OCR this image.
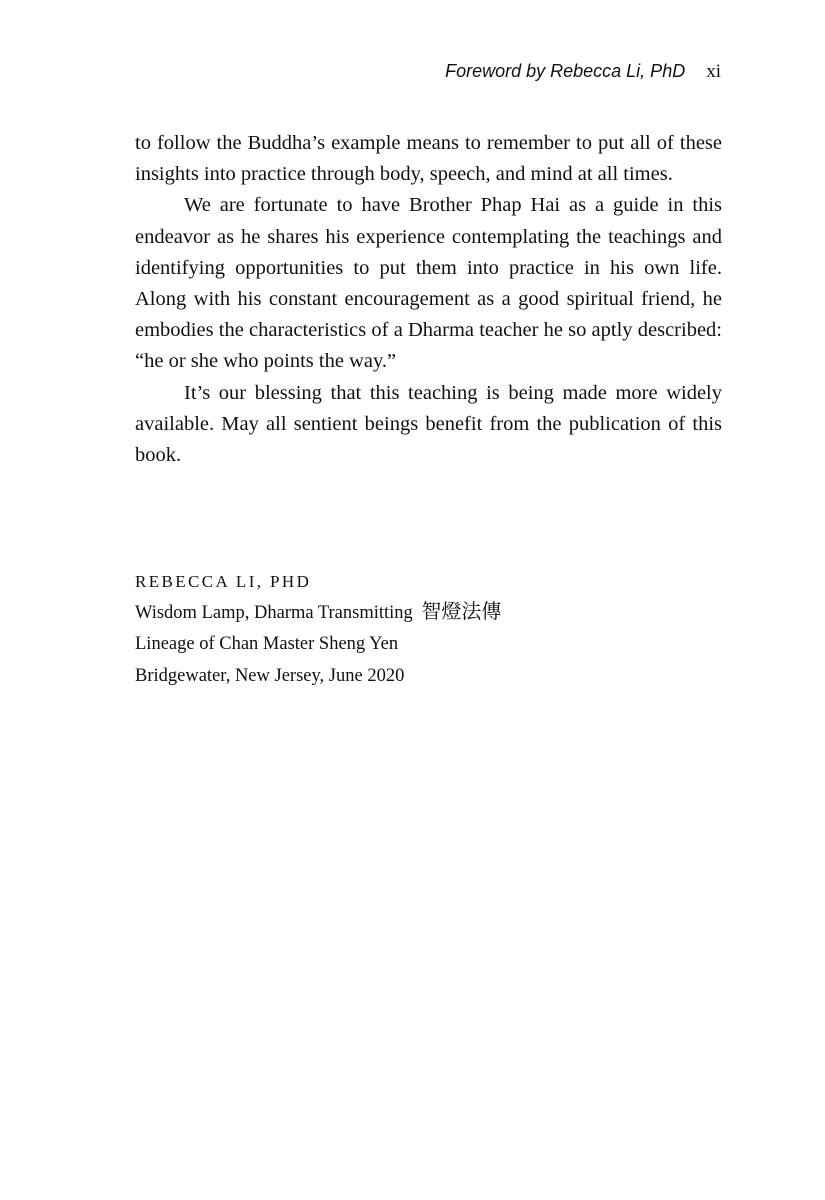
Foreword by Rebecca Li, PhD xi

to follow the Buddha’s example means to remember to put all of these insights into practice through body, speech, and mind at all times.

We are fortunate to have Brother Phap Hai as a guide in this endeavor as he shares his experience contemplating the teachings and identifying opportunities to put them into practice in his own life. Along with his constant encouragement as a good spiritual friend, he embodies the characteristics of a Dharma teacher he so aptly described: “he or she who points the way.”

It’s our blessing that this teaching is being made more widely available. May all sentient beings benefit from the publication of this book.

REBECCA LI, PHD

Wisdom Lamp, Dharma Transmitting 智燈法傳

Lineage of Chan Master Sheng Yen

Bridgewater, New Jersey, June 2020
